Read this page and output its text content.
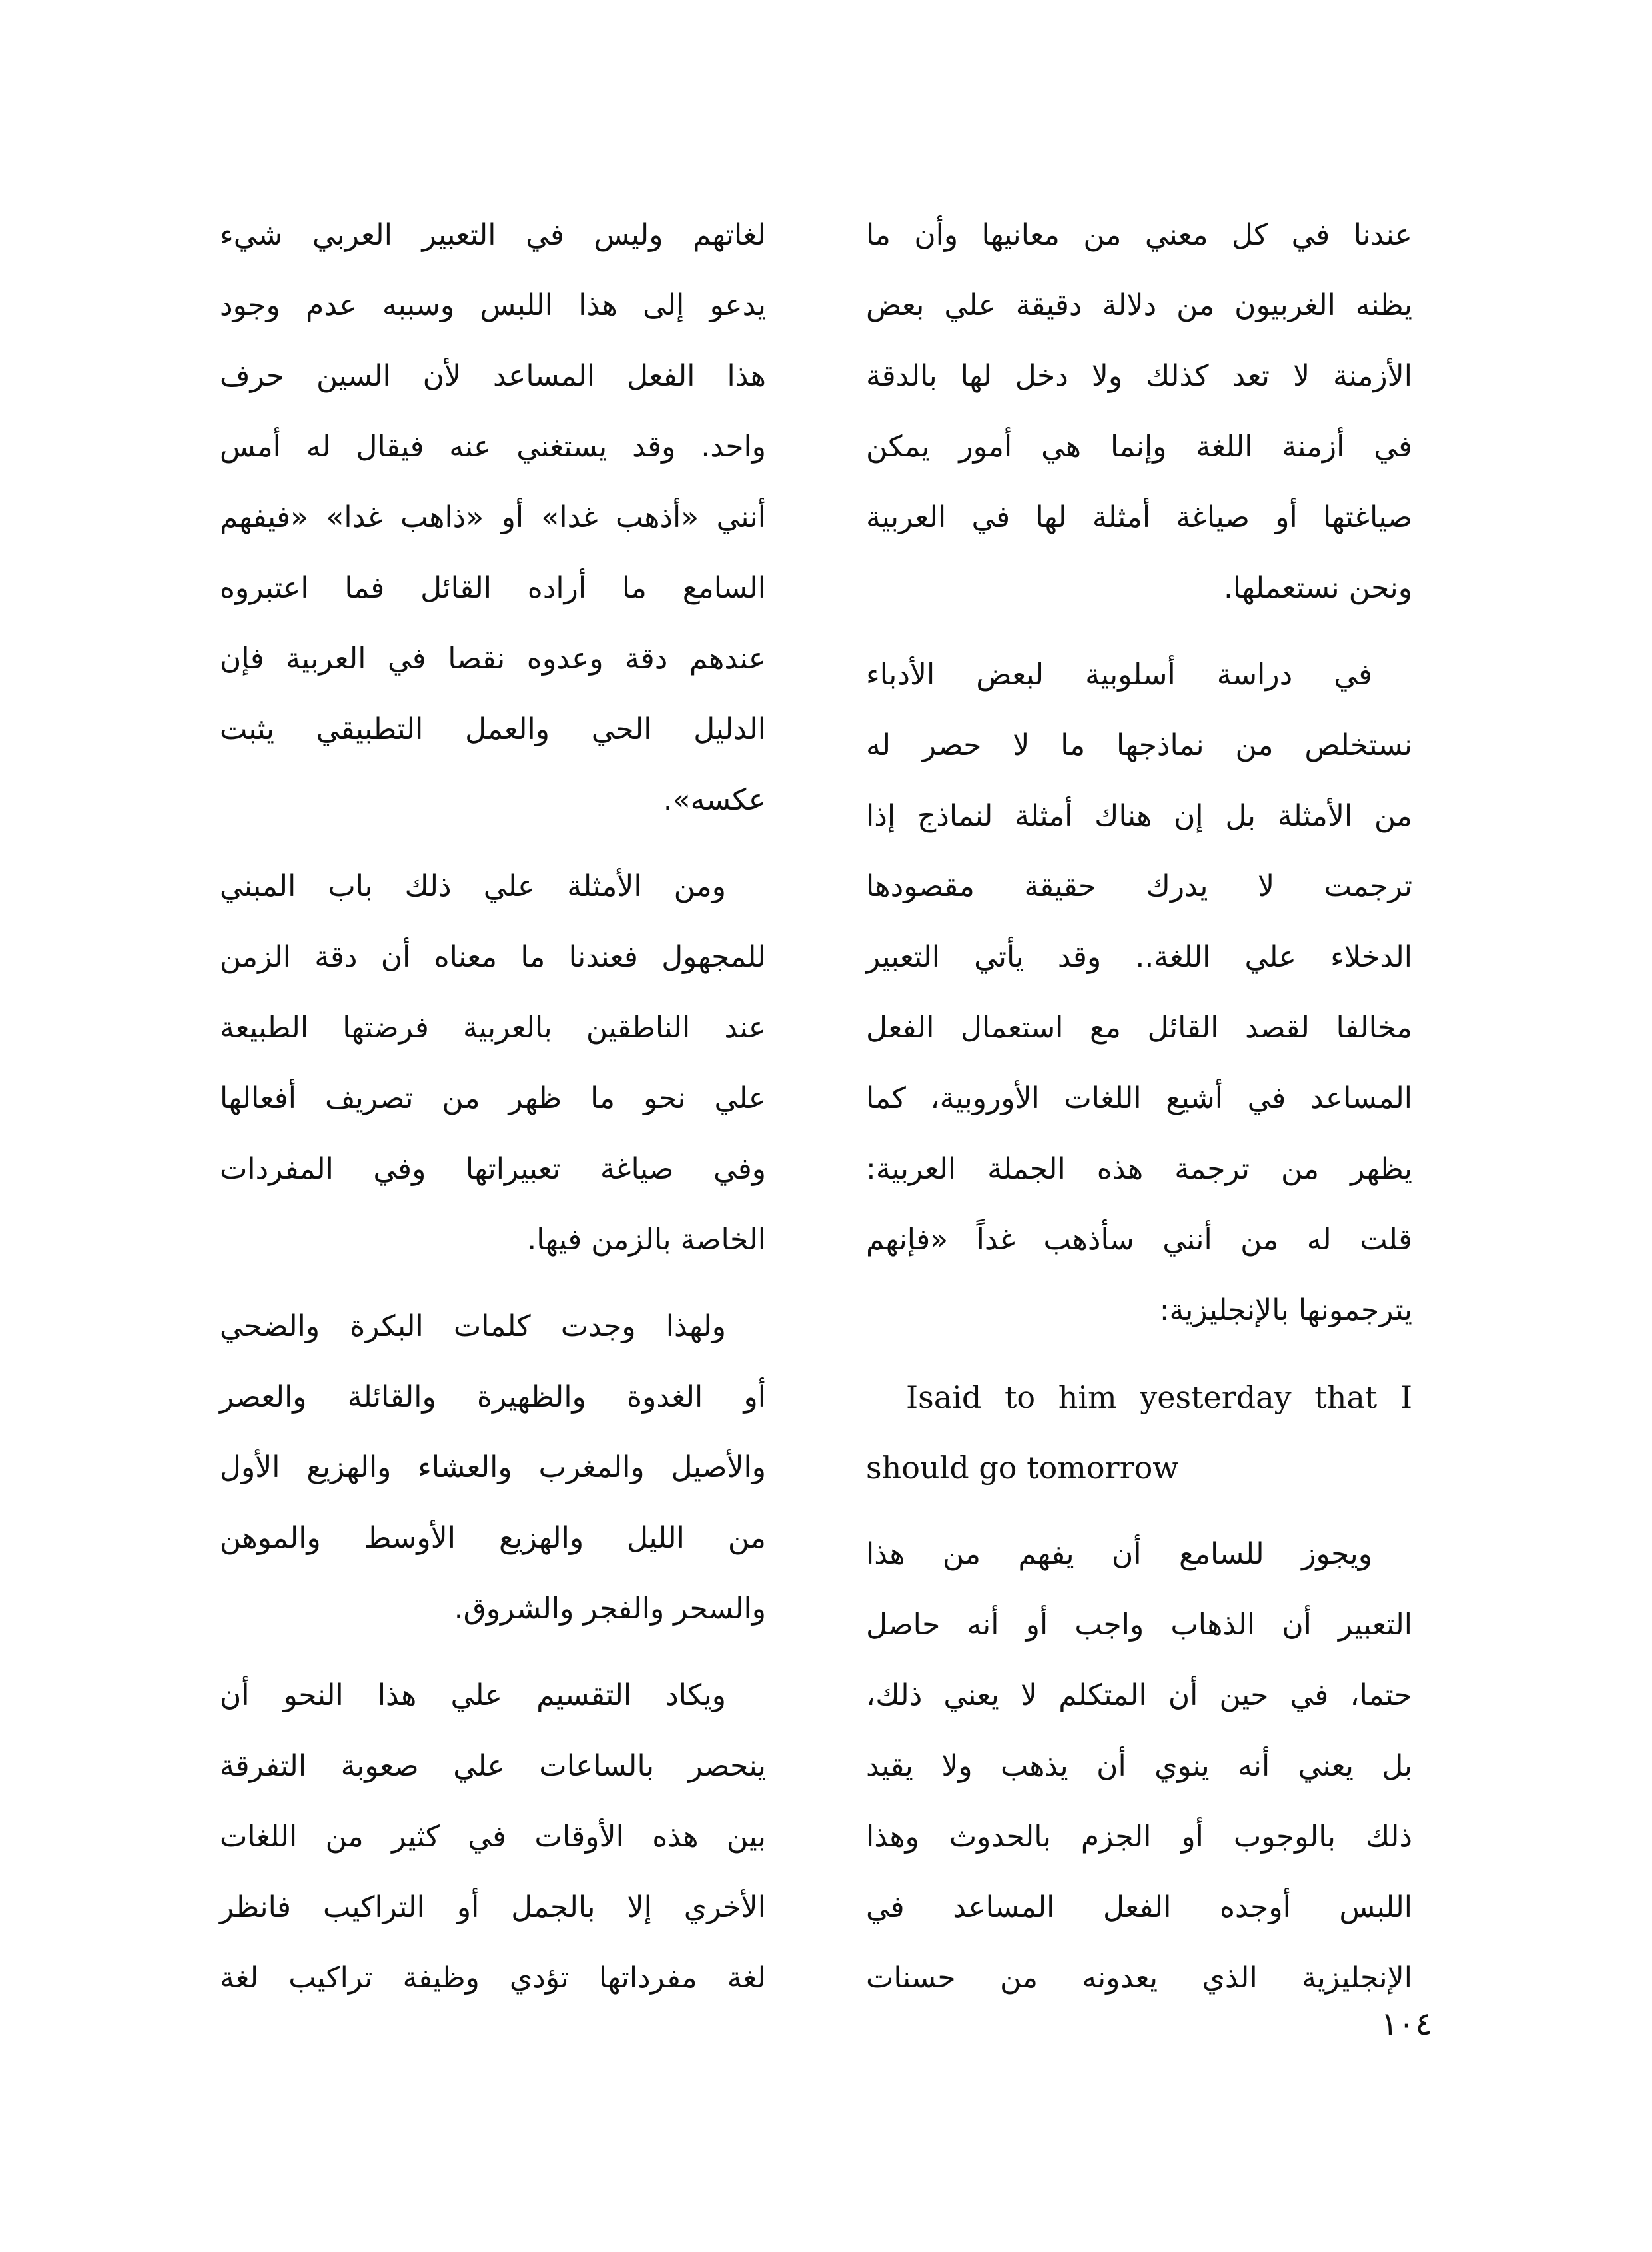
عندنا في كل معني من معانيها وأن ما
يظنه الغربيون من دلالة دقيقة علي بعض
الأزمنة لا تعد كذلك ولا دخل لها بالدقة
في أزمنة اللغة وإنما هي أمور يمكن
صياغتها أو صياغة أمثلة لها في العربية
ونحن نستعملها.
في دراسة أسلوبية لبعض الأدباء
نستخلص من نماذجها ما لا حصر له
من الأمثلة بل إن هناك أمثلة لنماذج إذا
ترجمت لا يدرك حقيقة مقصودها
الدخلاء علي اللغة.. وقد يأتي التعبير
مخالفا لقصد القائل مع استعمال الفعل
المساعد في أشيع اللغات الأوروبية، كما
يظهر من ترجمة هذه الجملة العربية:
قلت له من أنني سأذهب غداً «فإنهم
يترجمونها بالإنجليزية:
Isaid to him yesterday that I
should go tomorrow
ويجوز للسامع أن يفهم من هذا
التعبير أن الذهاب واجب أو أنه حاصل
حتما، في حين أن المتكلم لا يعني ذلك،
بل يعني أنه ينوي أن يذهب ولا يقيد
ذلك بالوجوب أو الجزم بالحدوث وهذا
اللبس أوجده الفعل المساعد في
الإنجليزية الذي يعدونه من حسنات
لغاتهم وليس في التعبير العربي شيء
يدعو إلى هذا اللبس وسببه عدم وجود
هذا الفعل المساعد لأن السين حرف
واحد. وقد يستغني عنه فيقال له أمس
أنني «أذهب غدا» أو «ذاهب غدا» «فيفهم
السامع ما أراده القائل فما اعتبروه
عندهم دقة وعدوه نقصا في العربية فإن
الدليل الحي والعمل التطبيقي يثبت
عكسه».
ومن الأمثلة علي ذلك باب المبني
للمجهول فعندنا ما معناه أن دقة الزمن
عند الناطقين بالعربية فرضتها الطبيعة
علي نحو ما ظهر من تصريف أفعالها
وفي صياغة تعبيراتها وفي المفردات
الخاصة بالزمن فيها.
ولهذا وجدت كلمات البكرة والضحي
أو الغدوة والظهيرة والقائلة والعصر
والأصيل والمغرب والعشاء والهزيع الأول
من الليل والهزيع الأوسط والموهن
والسحر والفجر والشروق.
ويكاد التقسيم علي هذا النحو أن
ينحصر بالساعات علي صعوبة التفرقة
بين هذه الأوقات في كثير من اللغات
الأخري إلا بالجمل أو التراكيب فانظر
لغة مفرداتها تؤدي وظيفة تراكيب لغة
١٠٤
